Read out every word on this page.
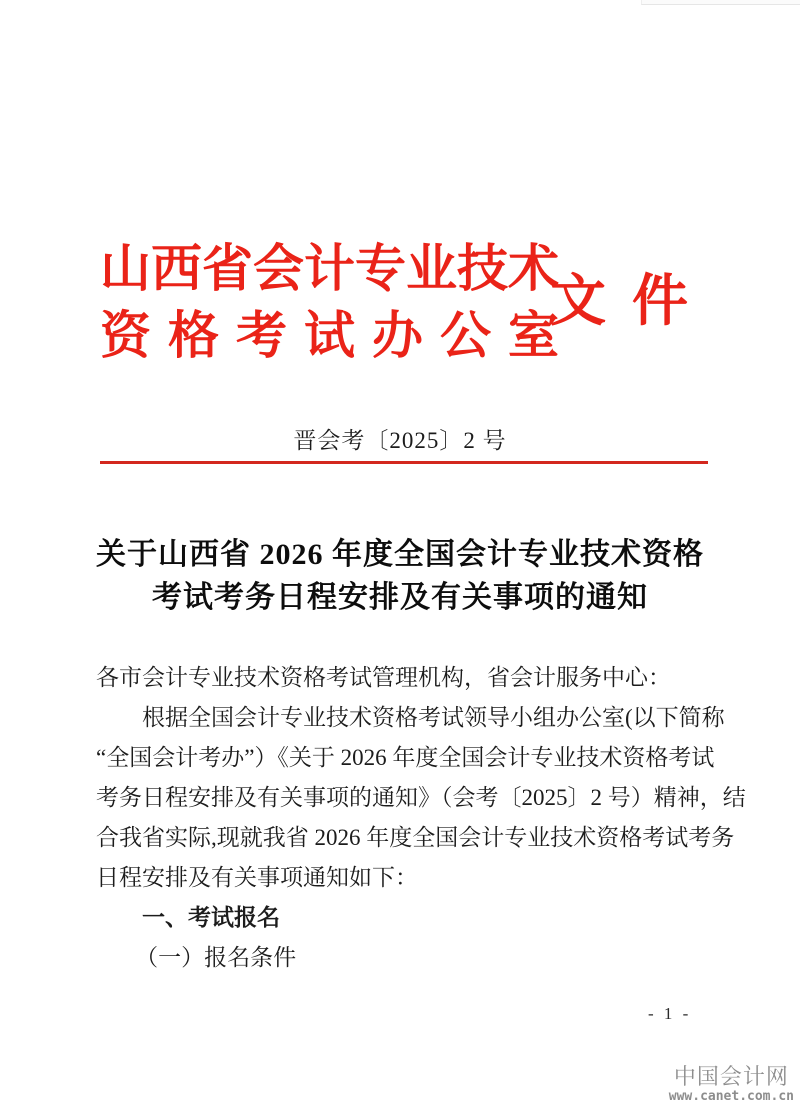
山西省会计专业技术
资格考试办公室
文件
晋会考〔2025〕2 号
关于山西省 2026 年度全国会计专业技术资格
考试考务日程安排及有关事项的通知

各市会计专业技术资格考试管理机构，省会计服务中心：

根据全国会计专业技术资格考试领导小组办公室(以下简称

“全国会计考办”）《关于 2026 年度全国会计专业技术资格考试

考务日程安排及有关事项的通知》（会考〔2025〕2 号）精神，结

合我省实际,现就我省 2026 年度全国会计专业技术资格考试考务

日程安排及有关事项通知如下：

一、考试报名

（一）报名条件

- 1 -
中国会计网
www.canet.com.cn
